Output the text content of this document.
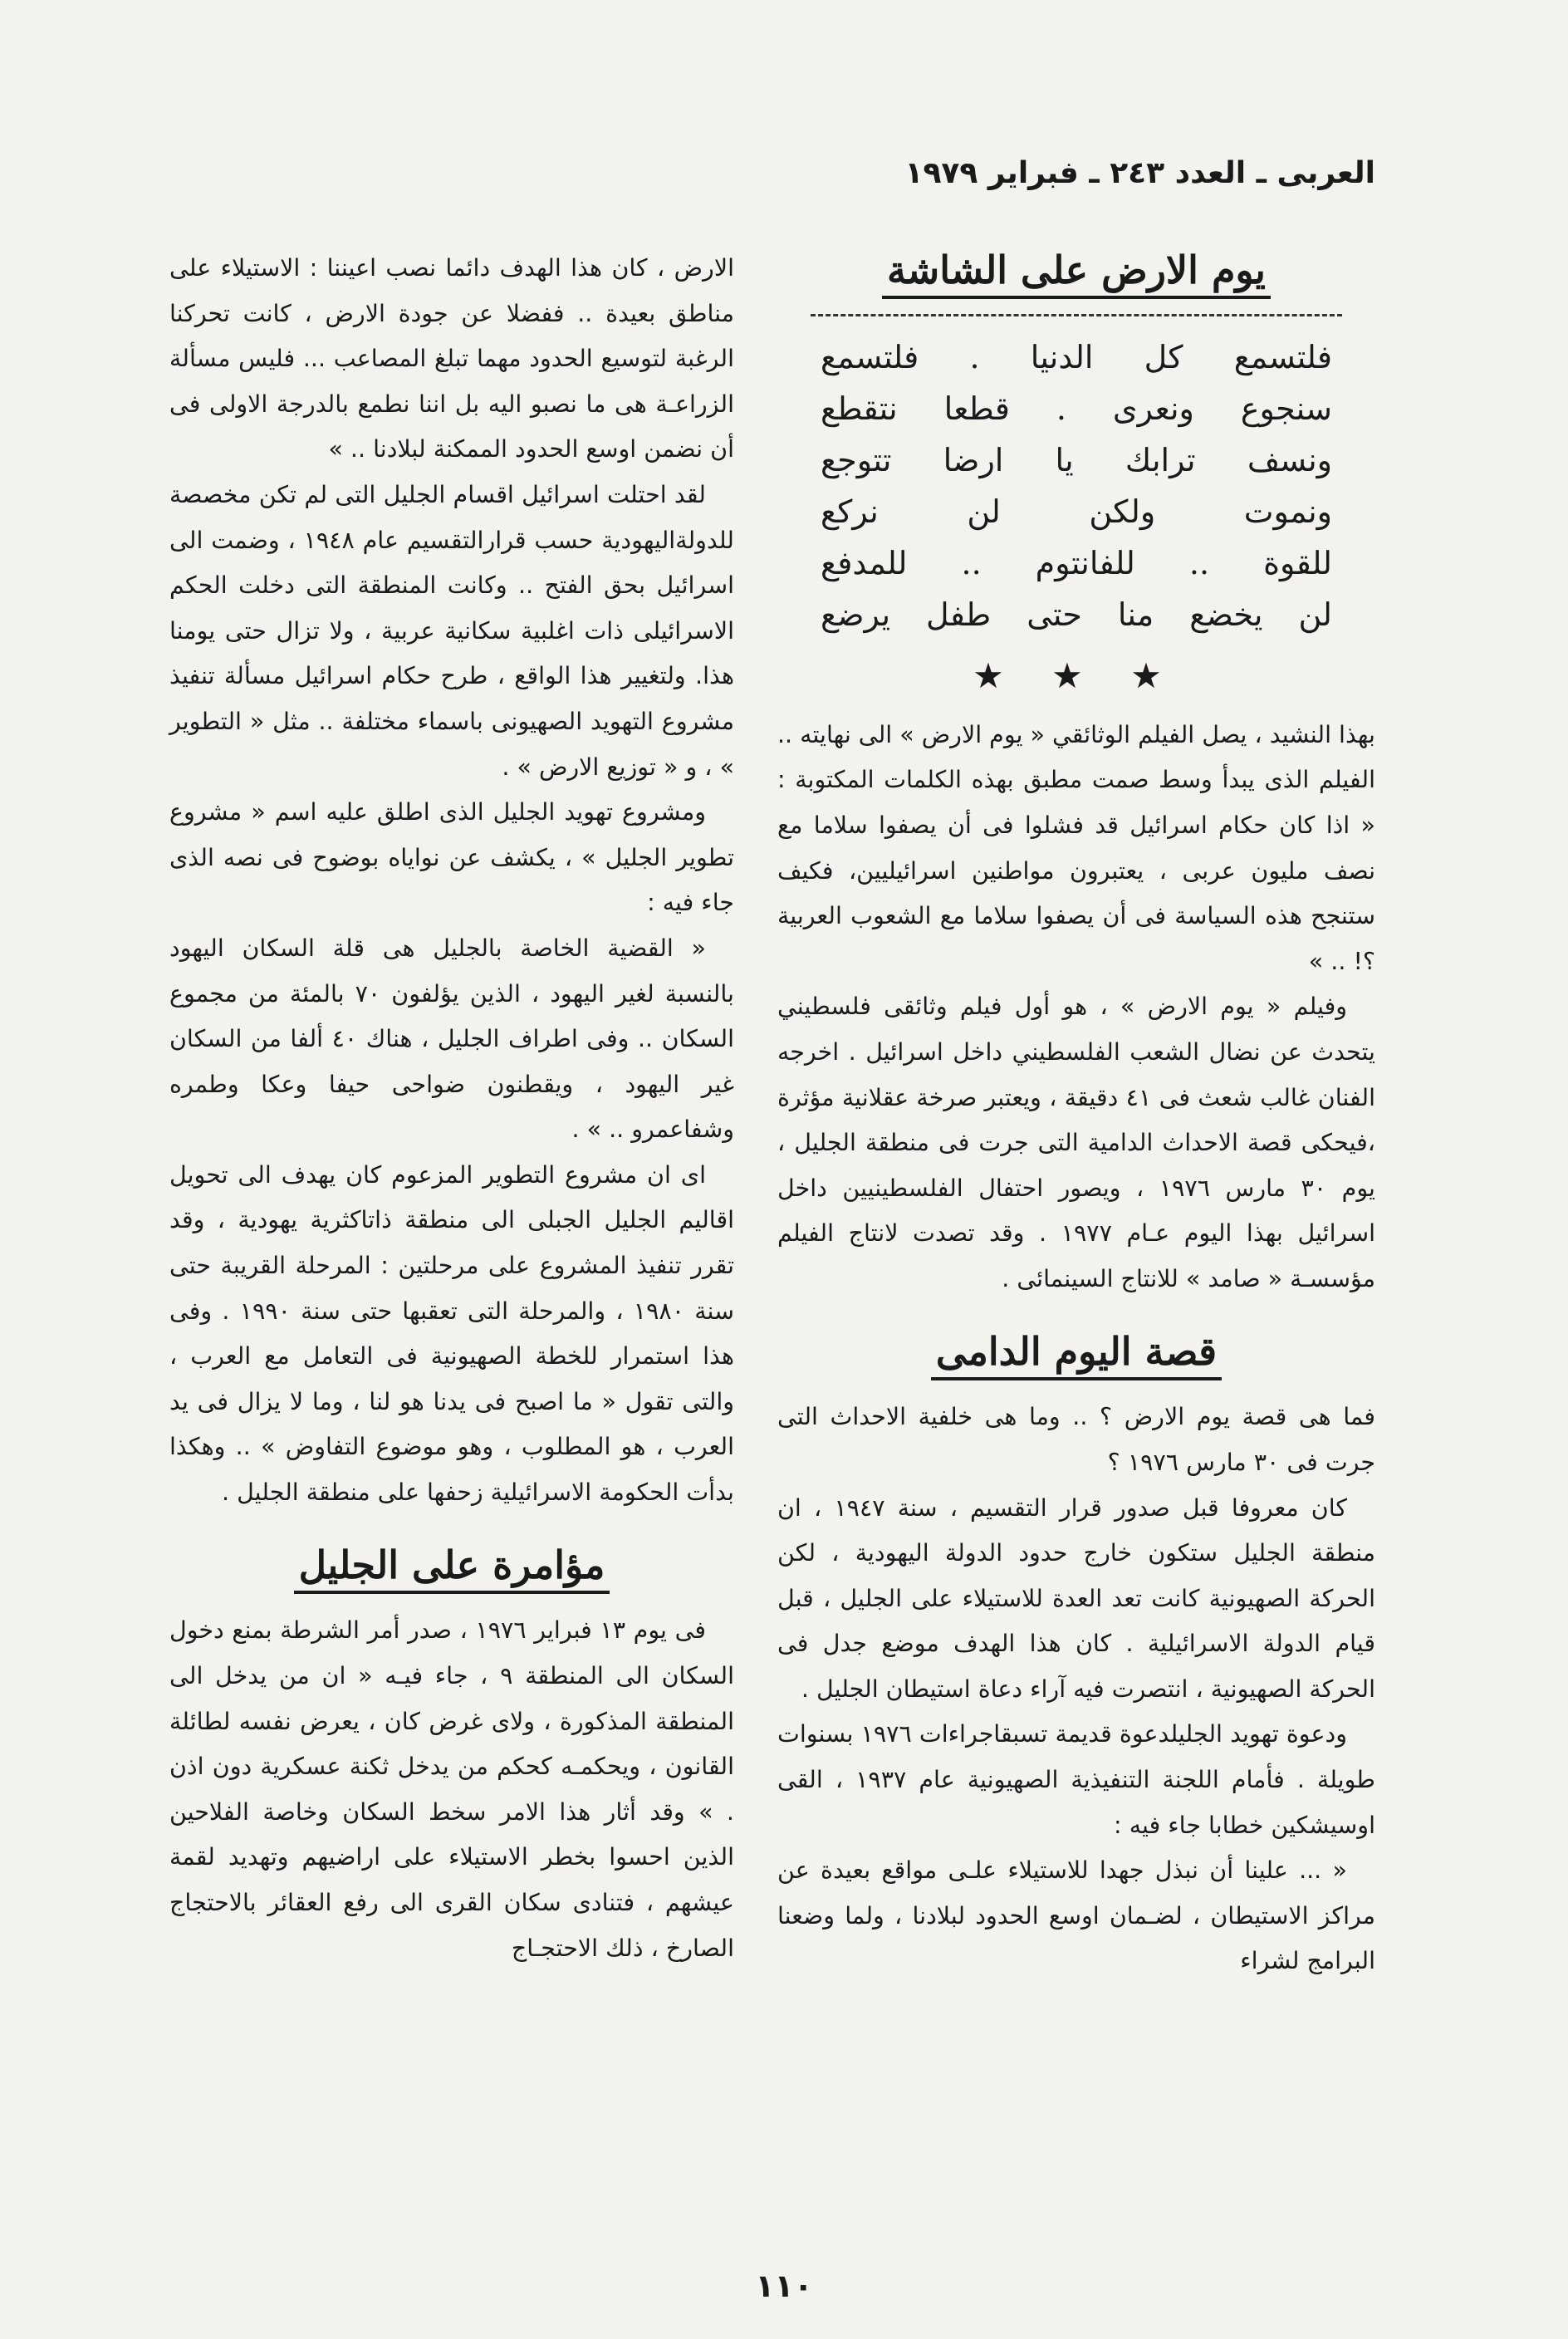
العربى ـ العدد ٢٤٣ ـ فبراير ١٩٧٩
يوم الارض على الشاشة
فلتسمع كل الدنيا . فلتسمع
سنجوع ونعرى . قطعا نتقطع
ونسف ترابك يا ارضا تتوجع
ونموت ولكن لن نركع
للقوة .. للفانتوم .. للمدفع
لن يخضع منا حتى طفل يرضع
★ ★ ★

بهذا النشيد ، يصل الفيلم الوثائقي « يوم الارض » الى نهايته .. الفيلم الذى يبدأ وسط صمت مطبق بهذه الكلمات المكتوبة : « اذا كان حكام اسرائيل قد فشلوا فى أن يصفوا سلاما مع نصف مليون عربى ، يعتبرون مواطنين اسرائيليين، فكيف ستنجح هذه السياسة فى أن يصفوا سلاما مع الشعوب العربية ؟! .. »

وفيلم « يوم الارض » ، هو أول فيلم وثائقى فلسطيني يتحدث عن نضال الشعب الفلسطيني داخل اسرائيل . اخرجه الفنان غالب شعث فى ٤١ دقيقة ، ويعتبر صرخة عقلانية مؤثرة ،فيحكى قصة الاحداث الدامية التى جرت فى منطقة الجليل ، يوم ٣٠ مارس ١٩٧٦ ، ويصور احتفال الفلسطينيين داخل اسرائيل بهذا اليوم عـام ١٩٧٧ . وقد تصدت لانتاج الفيلم مؤسسـة « صامد » للانتاج السينمائى .

قصة اليوم الدامى

فما هى قصة يوم الارض ؟ .. وما هى خلفية الاحداث التى جرت فى ٣٠ مارس ١٩٧٦ ؟

كان معروفا قبل صدور قرار التقسيم ، سنة ١٩٤٧ ، ان منطقة الجليل ستكون خارج حدود الدولة اليهودية ، لكن الحركة الصهيونية كانت تعد العدة للاستيلاء على الجليل ، قبل قيام الدولة الاسرائيلية . كان هذا الهدف موضع جدل فى الحركة الصهيونية ، انتصرت فيه آراء دعاة استيطان الجليل .

ودعوة تهويد الجليلدعوة قديمة تسبقاجراءات ١٩٧٦ بسنوات طويلة . فأمام اللجنة التنفيذية الصهيونية عام ١٩٣٧ ، القى اوسيشكين خطابا جاء فيه :

« ... علينا أن نبذل جهدا للاستيلاء علـى مواقع بعيدة عن مراكز الاستيطان ، لضـمان اوسع الحدود لبلادنا ، ولما وضعنا البرامج لشراء

الارض ، كان هذا الهدف دائما نصب اعيننا : الاستيلاء على مناطق بعيدة .. ففضلا عن جودة الارض ، كانت تحركنا الرغبة لتوسيع الحدود مهما تبلغ المصاعب ... فليس مسألة الزراعـة هى ما نصبو اليه بل اننا نطمع بالدرجة الاولى فى أن نضمن اوسع الحدود الممكنة لبلادنا .. »

لقد احتلت اسرائيل اقسام الجليل التى لم تكن مخصصة للدولةاليهودية حسب قرارالتقسيم عام ١٩٤٨ ، وضمت الى اسرائيل بحق الفتح .. وكانت المنطقة التى دخلت الحكم الاسرائيلى ذات اغلبية سكانية عربية ، ولا تزال حتى يومنا هذا. ولتغيير هذا الواقع ، طرح حكام اسرائيل مسألة تنفيذ مشروع التهويد الصهيونى باسماء مختلفة .. مثل « التطوير » ، و « توزيع الارض » .

ومشروع تهويد الجليل الذى اطلق عليه اسم « مشروع تطوير الجليل » ، يكشف عن نواياه بوضوح فى نصه الذى جاء فيه :

« القضية الخاصة بالجليل هى قلة السكان اليهود بالنسبة لغير اليهود ، الذين يؤلفون ٧٠ بالمئة من مجموع السكان .. وفى اطراف الجليل ، هناك ٤٠ ألفا من السكان غير اليهود ، ويقطنون ضواحى حيفا وعكا وطمره وشفاعمرو .. » .

اى ان مشروع التطوير المزعوم كان يهدف الى تحويل اقاليم الجليل الجبلى الى منطقة ذاتاكثرية يهودية ، وقد تقرر تنفيذ المشروع على مرحلتين : المرحلة القريبة حتى سنة ١٩٨٠ ، والمرحلة التى تعقبها حتى سنة ١٩٩٠ . وفى هذا استمرار للخطة الصهيونية فى التعامل مع العرب ، والتى تقول « ما اصبح فى يدنا هو لنا ، وما لا يزال فى يد العرب ، هو المطلوب ، وهو موضوع التفاوض » .. وهكذا بدأت الحكومة الاسرائيلية زحفها على منطقة الجليل .

مؤامرة على الجليل

فى يوم ١٣ فبراير ١٩٧٦ ، صدر أمر الشرطة بمنع دخول السكان الى المنطقة ٩ ، جاء فيـه « ان من يدخل الى المنطقة المذكورة ، ولاى غرض كان ، يعرض نفسه لطائلة القانون ، ويحكمـه كحكم من يدخل ثكنة عسكرية دون اذن . » وقد أثار هذا الامر سخط السكان وخاصة الفلاحين الذين احسوا بخطر الاستيلاء على اراضيهم وتهديد لقمة عيشهم ، فتنادى سكان القرى الى رفع العقائر بالاحتجاج الصارخ ، ذلك الاحتجـاج

١١٠
